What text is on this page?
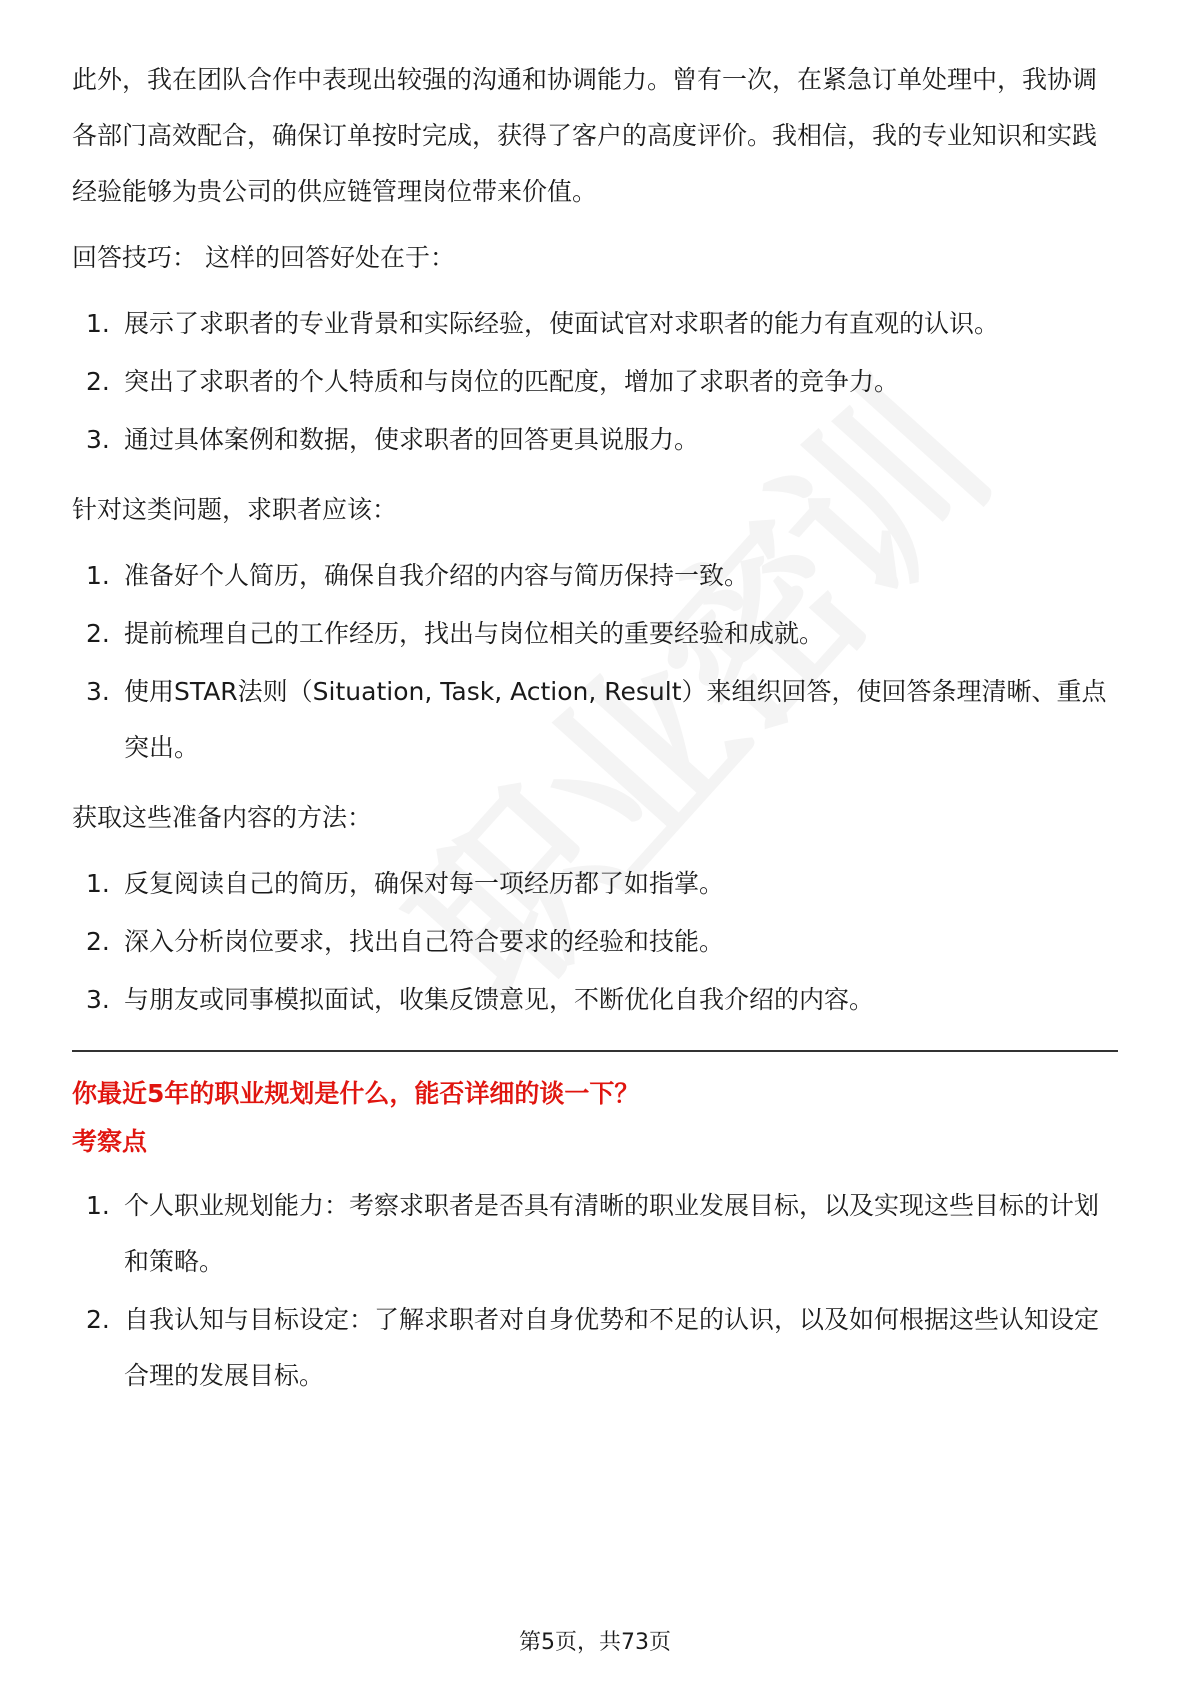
此外，我在团队合作中表现出较强的沟通和协调能力。曾有一次，在紧急订单处理中，我协调各部门高效配合，确保订单按时完成，获得了客户的高度评价。我相信，我的专业知识和实践经验能够为贵公司的供应链管理岗位带来价值。

回答技巧： 这样的回答好处在于：

1. 展示了求职者的专业背景和实际经验，使面试官对求职者的能力有直观的认识。
2. 突出了求职者的个人特质和与岗位的匹配度，增加了求职者的竞争力。
3. 通过具体案例和数据，使求职者的回答更具说服力。

针对这类问题，求职者应该：

1. 准备好个人简历，确保自我介绍的内容与简历保持一致。
2. 提前梳理自己的工作经历，找出与岗位相关的重要经验和成就。
3. 使用STAR法则（Situation, Task, Action, Result）来组织回答，使回答条理清晰、重点突出。

获取这些准备内容的方法：

1. 反复阅读自己的简历，确保对每一项经历都了如指掌。
2. 深入分析岗位要求，找出自己符合要求的经验和技能。
3. 与朋友或同事模拟面试，收集反馈意见，不断优化自我介绍的内容。

你最近5年的职业规划是什么，能否详细的谈一下？

考察点

1. 个人职业规划能力：考察求职者是否具有清晰的职业发展目标，以及实现这些目标的计划和策略。
2. 自我认知与目标设定：了解求职者对自身优势和不足的认识，以及如何根据这些认知设定合理的发展目标。
第5页，共73页
